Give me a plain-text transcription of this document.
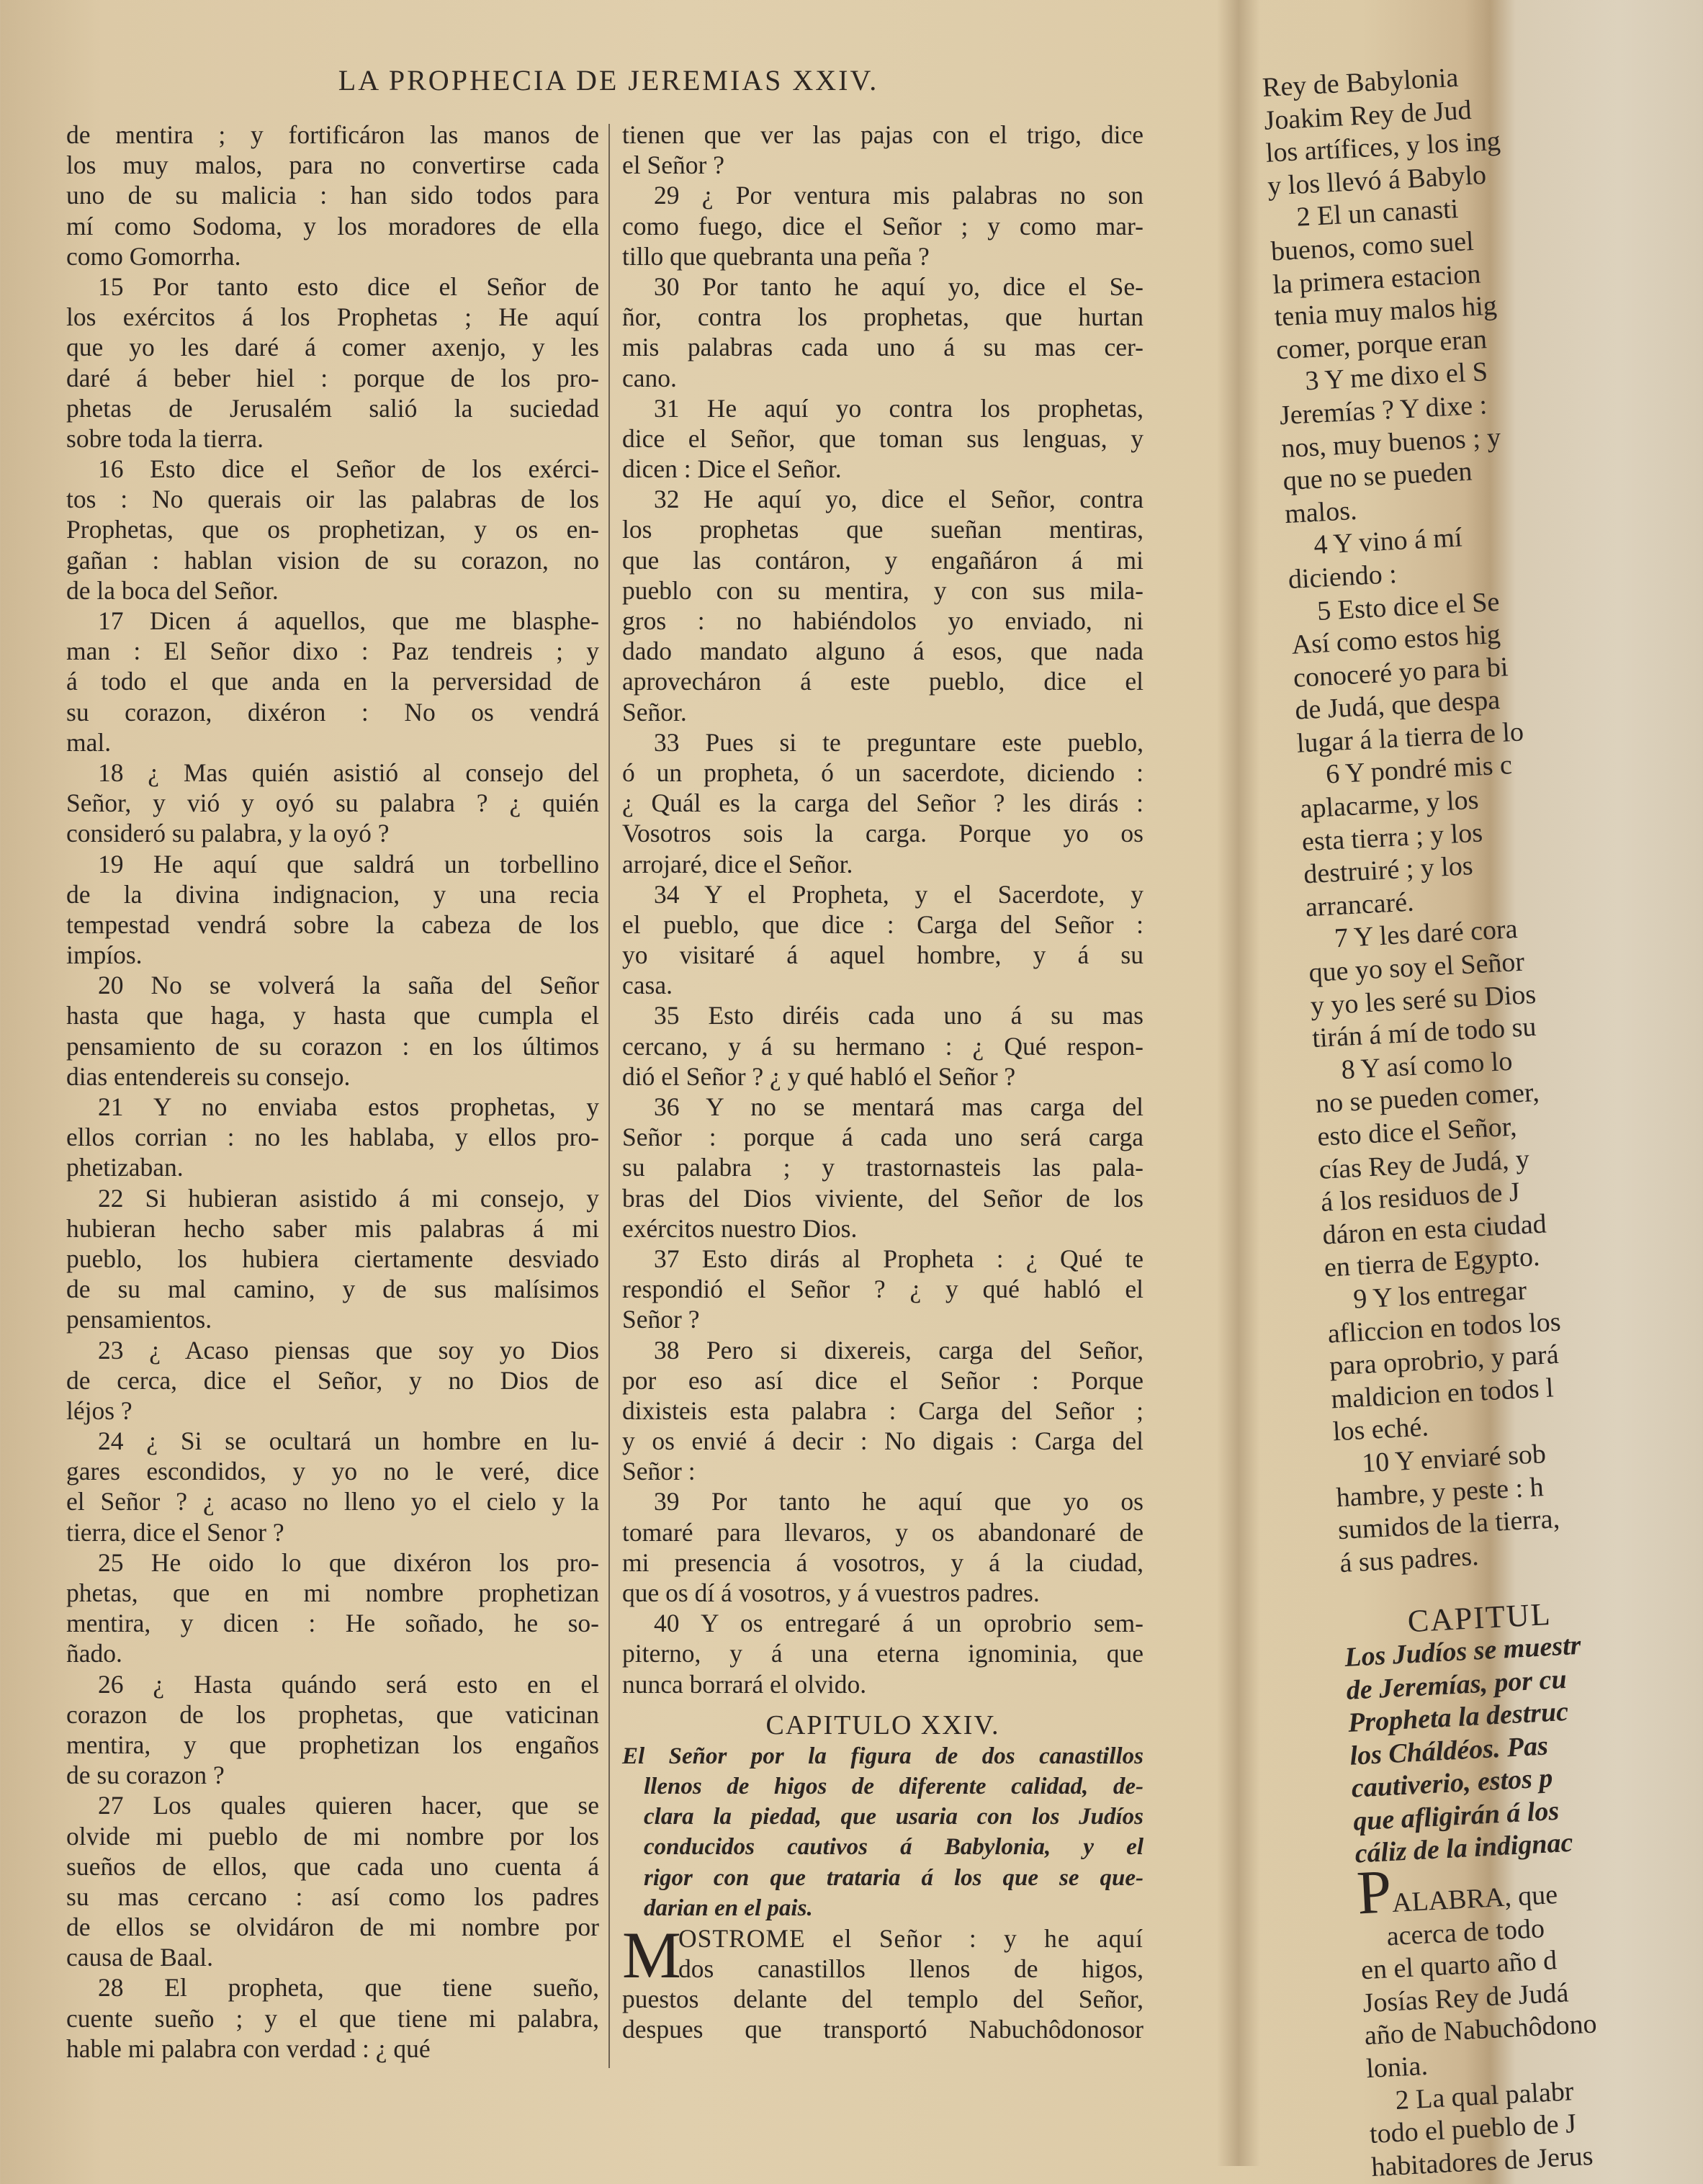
LA PROPHECIA DE JEREMIAS XXIV.
de mentira ; y fortificáron las manos de
los muy malos, para no convertirse cada
uno de su malicia : han sido todos para
mí como Sodoma, y los moradores de ella
como Gomorrha.
15 Por tanto esto dice el Señor de
los exércitos á los Prophetas ; He aquí
que yo les daré á comer axenjo, y les
daré á beber hiel : porque de los pro-
phetas de Jerusalém salió la suciedad
sobre toda la tierra.
16 Esto dice el Señor de los exérci-
tos : No querais oir las palabras de los
Prophetas, que os prophetizan, y os en-
gañan : hablan vision de su corazon, no
de la boca del Señor.
17 Dicen á aquellos, que me blasphe-
man : El Señor dixo : Paz tendreis ; y
á todo el que anda en la perversidad de
su corazon, dixéron : No os vendrá
mal.
18 ¿ Mas quién asistió al consejo del
Señor, y vió y oyó su palabra ? ¿ quién
consideró su palabra, y la oyó ?
19 He aquí que saldrá un torbellino
de la divina indignacion, y una recia
tempestad vendrá sobre la cabeza de los
impíos.
20 No se volverá la saña del Señor
hasta que haga, y hasta que cumpla el
pensamiento de su corazon : en los últimos
dias entendereis su consejo.
21 Y no enviaba estos prophetas, y
ellos corrian : no les hablaba, y ellos pro-
phetizaban.
22 Si hubieran asistido á mi consejo, y
hubieran hecho saber mis palabras á mi
pueblo, los hubiera ciertamente desviado
de su mal camino, y de sus malísimos
pensamientos.
23 ¿ Acaso piensas que soy yo Dios
de cerca, dice el Señor, y no Dios de
léjos ?
24 ¿ Si se ocultará un hombre en lu-
gares escondidos, y yo no le veré, dice
el Señor ? ¿ acaso no lleno yo el cielo y la
tierra, dice el Senor ?
25 He oido lo que dixéron los pro-
phetas, que en mi nombre prophetizan
mentira, y dicen : He soñado, he so-
ñado.
26 ¿ Hasta quándo será esto en el
corazon de los prophetas, que vaticinan
mentira, y que prophetizan los engaños
de su corazon ?
27 Los quales quieren hacer, que se
olvide mi pueblo de mi nombre por los
sueños de ellos, que cada uno cuenta á
su mas cercano : así como los padres
de ellos se olvidáron de mi nombre por
causa de Baal.
28 El propheta, que tiene sueño,
cuente sueño ; y el que tiene mi palabra,
hable mi palabra con verdad : ¿ qué
tienen que ver las pajas con el trigo, dice
el Señor ?
29 ¿ Por ventura mis palabras no son
como fuego, dice el Señor ; y como mar-
tillo que quebranta una peña ?
30 Por tanto he aquí yo, dice el Se-
ñor, contra los prophetas, que hurtan
mis palabras cada uno á su mas cer-
cano.
31 He aquí yo contra los prophetas,
dice el Señor, que toman sus lenguas, y
dicen : Dice el Señor.
32 He aquí yo, dice el Señor, contra
los prophetas que sueñan mentiras,
que las contáron, y engañáron á mi
pueblo con su mentira, y con sus mila-
gros : no habiéndolos yo enviado, ni
dado mandato alguno á esos, que nada
aprovecháron á este pueblo, dice el
Señor.
33 Pues si te preguntare este pueblo,
ó un propheta, ó un sacerdote, diciendo :
¿ Quál es la carga del Señor ? les dirás :
Vosotros sois la carga. Porque yo os
arrojaré, dice el Señor.
34 Y el Propheta, y el Sacerdote, y
el pueblo, que dice : Carga del Señor :
yo visitaré á aquel hombre, y á su
casa.
35 Esto diréis cada uno á su mas
cercano, y á su hermano : ¿ Qué respon-
dió el Señor ? ¿ y qué habló el Señor ?
36 Y no se mentará mas carga del
Señor : porque á cada uno será carga
su palabra ; y trastornasteis las pala-
bras del Dios viviente, del Señor de los
exércitos nuestro Dios.
37 Esto dirás al Propheta : ¿ Qué te
respondió el Señor ? ¿ y qué habló el
Señor ?
38 Pero si dixereis, carga del Señor,
por eso así dice el Señor : Porque
dixisteis esta palabra : Carga del Señor ;
y os envié á decir : No digais : Carga del
Señor :
39 Por tanto he aquí que yo os
tomaré para llevaros, y os abandonaré de
mi presencia á vosotros, y á la ciudad,
que os dí á vosotros, y á vuestros padres.
40 Y os entregaré á un oprobrio sem-
piterno, y á una eterna ignominia, que
nunca borrará el olvido.
CAPITULO XXIV.
El Señor por la figura de dos canastillos
llenos de higos de diferente calidad, de-
clara la piedad, que usaria con los Judíos
conducidos cautivos á Babylonia, y el
rigor con que trataria á los que se que-
darian en el pais.
M
OSTROME el Señor : y he aquí
dos canastillos llenos de higos,
puestos delante del templo del Señor,
despues que transportó Nabuchôdonosor
Rey de Babylonia
Joakim Rey de Jud
los artífices, y los ing
y los llevó á Babylo
2 El un canasti
buenos, como suel
la primera estacion
tenia muy malos hig
comer, porque eran
3 Y me dixo el S
Jeremías ? Y dixe :
nos, muy buenos ; y
que no se pueden
malos.
4 Y vino á mí
diciendo :
5 Esto dice el Se
Así como estos hig
conoceré yo para bi
de Judá, que despa
lugar á la tierra de lo
6 Y pondré mis c
aplacarme, y los
esta tierra ; y los
destruiré ; y los
arrancaré.
7 Y les daré cora
que yo soy el Señor
y yo les seré su Dios
tirán á mí de todo su
8 Y así como lo
no se pueden comer,
esto dice el Señor,
cías Rey de Judá, y
á los residuos de J
dáron en esta ciudad
en tierra de Egypto.
9 Y los entregar
afliccion en todos los
para oprobrio, y pará
maldicion en todos l
los eché.
10 Y enviaré sob
hambre, y peste : h
sumidos de la tierra,
á sus padres.
CAPITUL
Los Judíos se muestr
de Jeremías, por cu
Propheta la destruc
los Cháldéos. Pas
cautiverio, estos p
que afligirán á los
cáliz de la indignac
PALABRA, que
acerca de todo
en el quarto año d
Josías Rey de Judá
año de Nabuchôdono
lonia.
2 La qual palabr
todo el pueblo de J
habitadores de Jerus
